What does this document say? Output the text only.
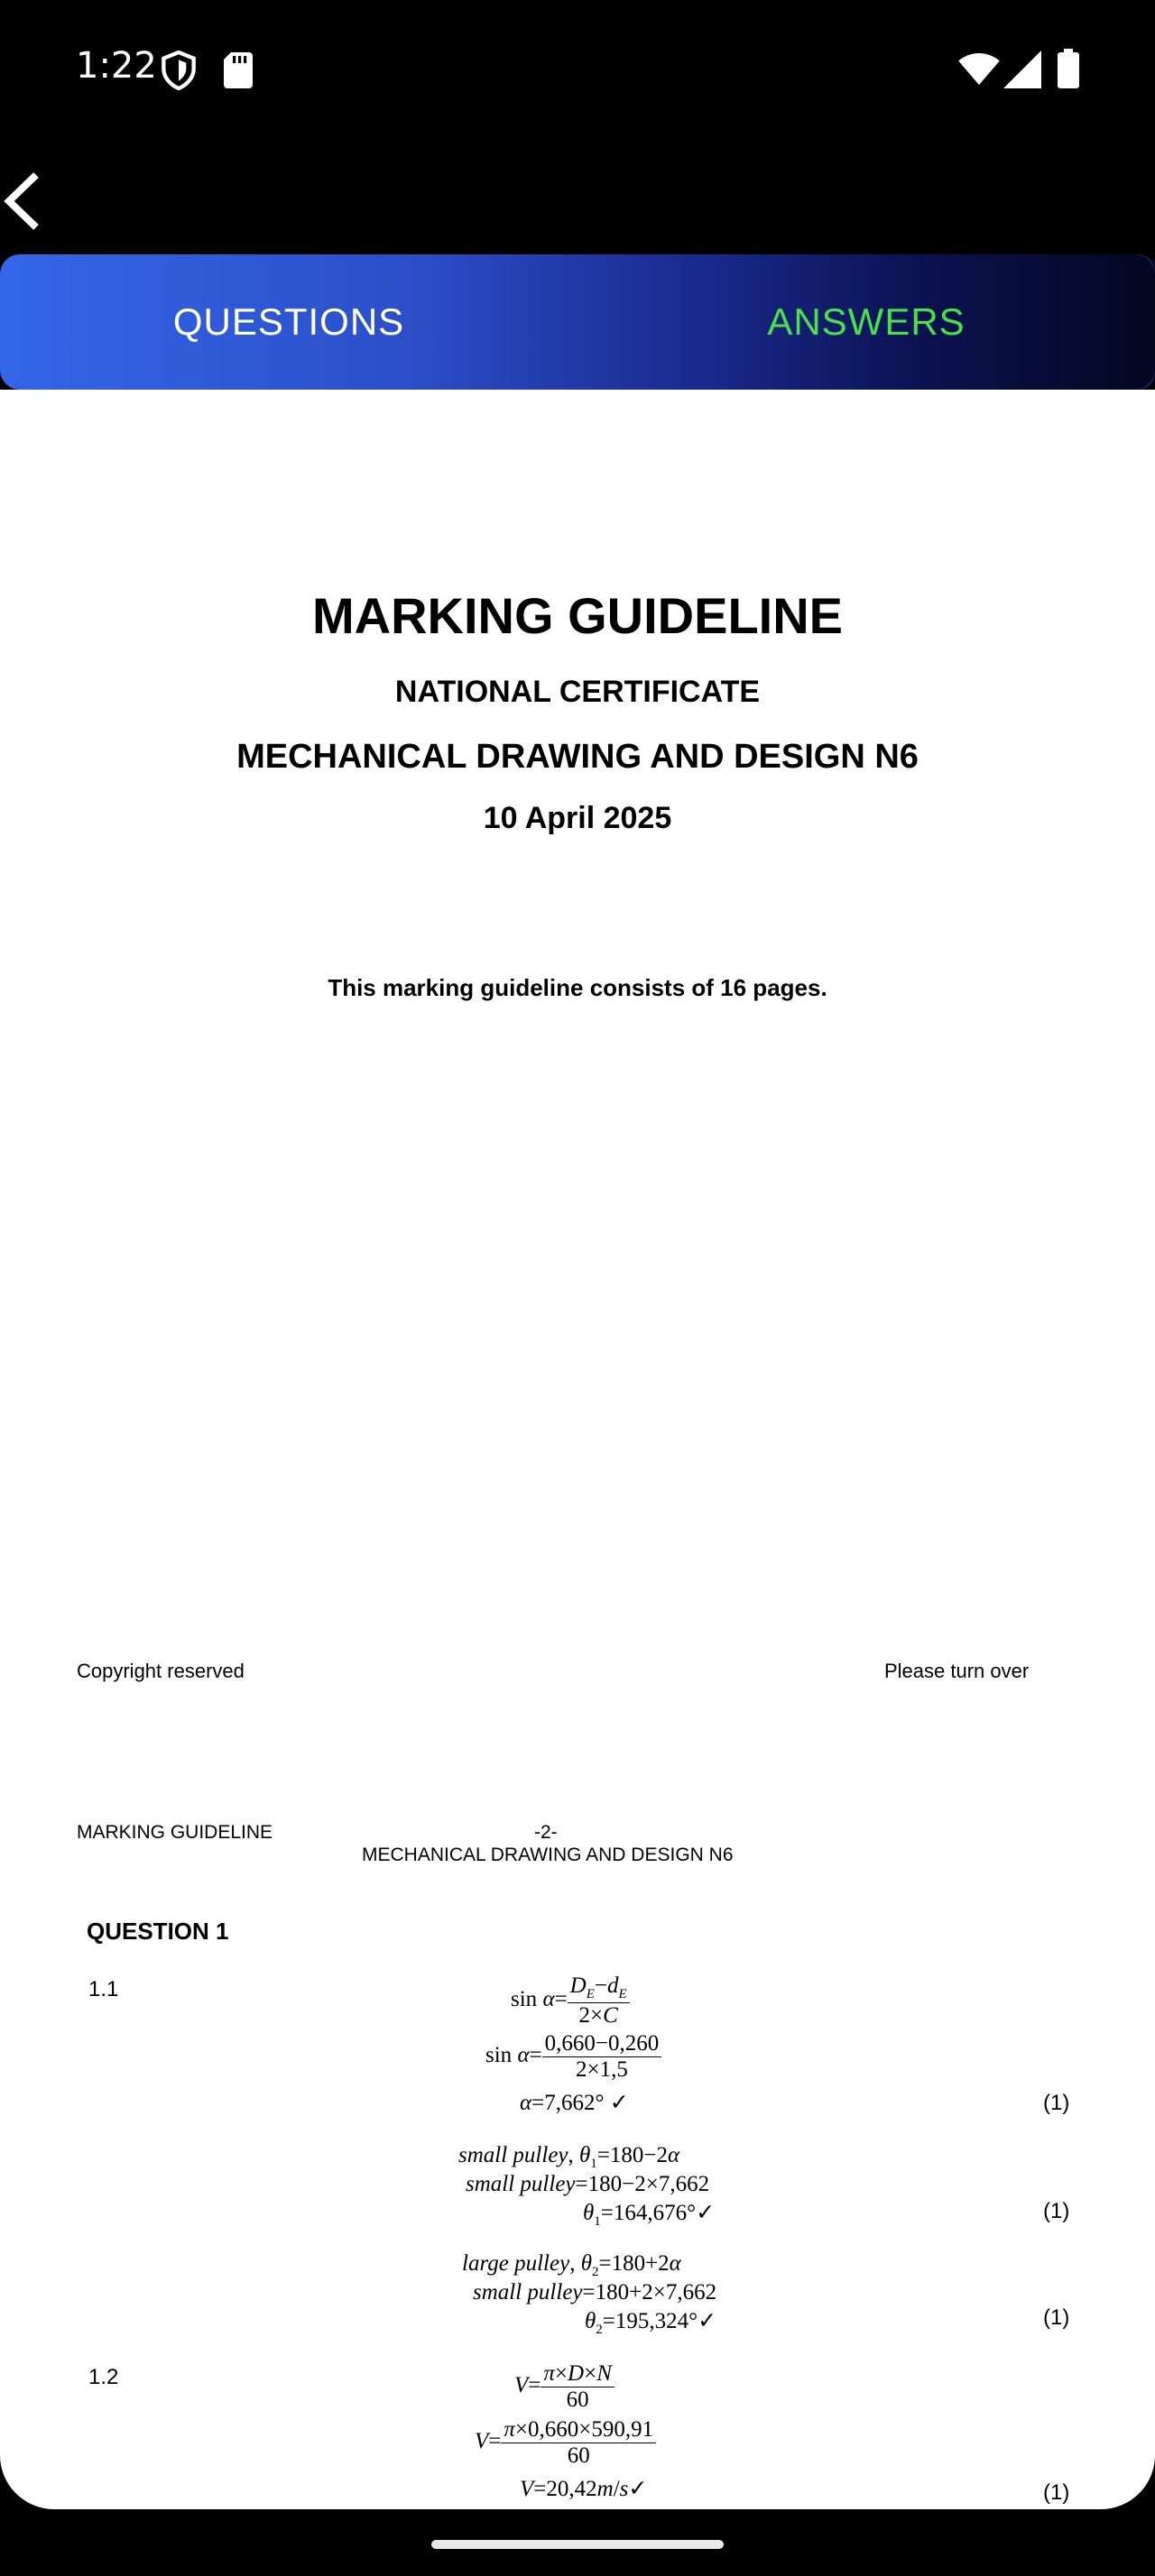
1:22
QUESTIONS	ANSWERS
MARKING GUIDELINE
NATIONAL CERTIFICATE
MECHANICAL DRAWING AND DESIGN N6
10 April 2025
This marking guideline consists of 16 pages.
Copyright reserved	Please turn over
MARKING GUIDELINE	-2-
MECHANICAL DRAWING AND DESIGN N6
QUESTION 1
1.1	$\sin \alpha= \frac{D_E-d_E}{2\times C}$
$\sin \alpha= \frac{0,660-0,260}{2\times 1,5}$
α=7,662° ✓	(1)
small pulley, $\theta_1=180-2\alpha$
small pulley=180−2×7,662
$\theta_1=164,676^\circ✓$	(1)
large pulley, $\theta_2=180+2\alpha$
small pulley=180+2×7,662
$\theta_2=195,324^\circ✓$	(1)
1.2	$V= \frac{\pi\times D\times N}{60}$
$V= \frac{\pi\times 0,660\times 590,91}{60}$
V=20,42m/s✓	(1)
